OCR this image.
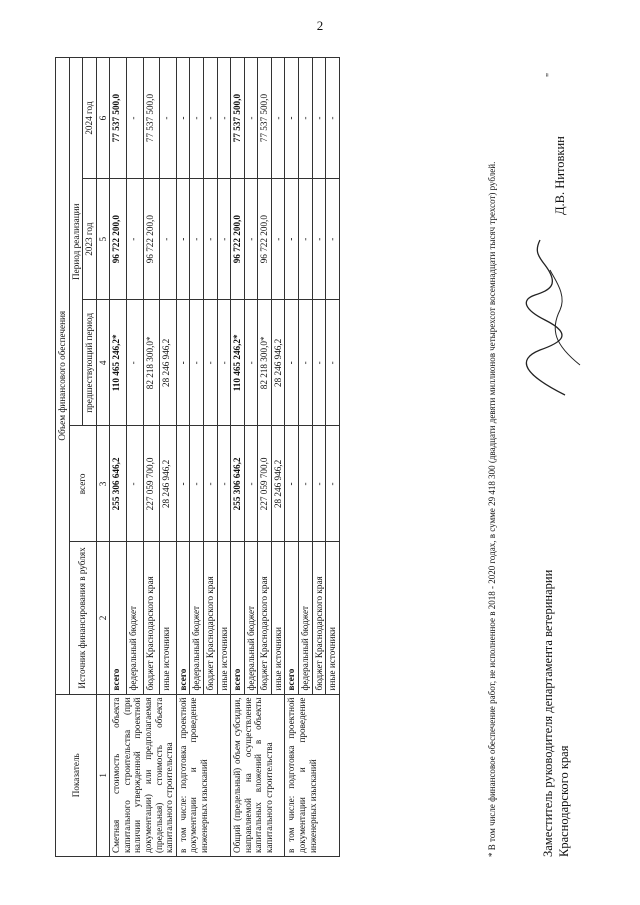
2
Показатель	Объем финансового обеспечения				
	Источник финансирования в рублях	всего	Период реализации		
			предшествующий период	2023 год	2024 год
1	2	3	4	5	6
Сметная стоимость объекта капитального строительства (при наличии утвержденной проектной документации) или предполагаемая (предельная) стоимость объекта капитального строительства	всего	255 306 646,2	110 465 246,2*	96 722 200,0	77 537 500,0
	федеральный бюджет	-	-	-	-
	бюджет Краснодарского края	227 059 700,0	82 218 300,0*	96 722 200,0	77 537 500,0
	иные источники	28 246 946,2	28 246 946,2	-	-
в том числе: подготовка проектной документации и проведение инженерных изысканий	всего	-	-	-	-
	федеральный бюджет	-	-	-	-
	бюджет Краснодарского края	-	-	-	-
	иные источники	-	-	-	-
Общий (предельный) объем субсидии, направляемой на осуществление капитальных вложений в объекты капитального строительства	всего	255 306 646,2	110 465 246,2*	96 722 200,0	77 537 500,0
	федеральный бюджет	-	-	-	-
	бюджет Краснодарского края	227 059 700,0	82 218 300,0*	96 722 200,0	77 537 500,0
	иные источники	28 246 946,2	28 246 946,2	-	-
в том числе: подготовка проектной документации и проведение инженерных изысканий	всего	-	-	-	-
	федеральный бюджет	-	-	-	-
	бюджет Краснодарского края	-	-	-	-
	иные источники	-	-	-	-
* В том числе финансовое обеспечение работ, не исполненное в 2018 - 2020 годах, в сумме 29 418 300 (двадцати девяти миллионов четырехсот восемнадцати тысяч трехсот) рублей.	Заместитель руководителя департамента ветеринарии Краснодарского края
Д.В. Нитовкин
"
